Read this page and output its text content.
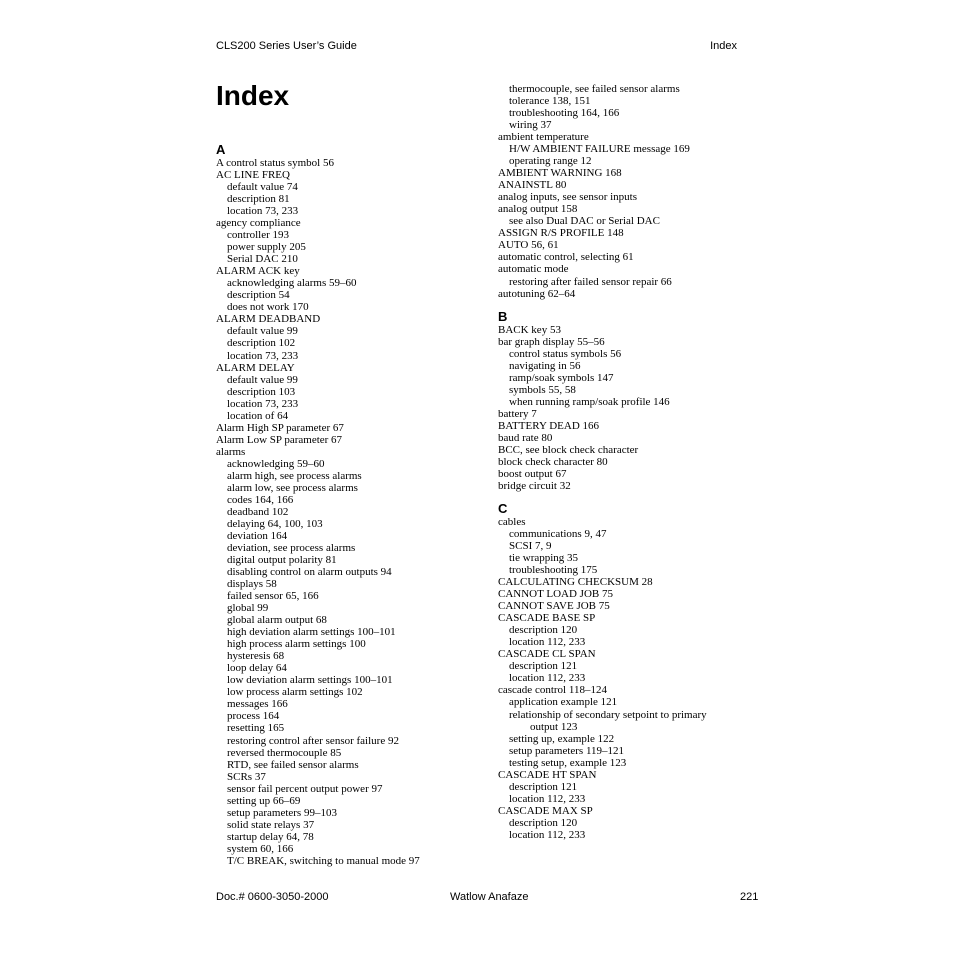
CLS200 Series User’s Guide	Index
Index
A
A control status symbol 56
AC LINE FREQ
default value 74
description 81
location 73, 233
agency compliance
controller 193
power supply 205
Serial DAC 210
ALARM ACK key
acknowledging alarms 59–60
description 54
does not work 170
ALARM DEADBAND
default value 99
description 102
location 73, 233
ALARM DELAY
default value 99
description 103
location 73, 233
location of 64
Alarm High SP parameter 67
Alarm Low SP parameter 67
alarms
acknowledging 59–60
alarm high, see process alarms
alarm low, see process alarms
codes 164, 166
deadband 102
delaying 64, 100, 103
deviation 164
deviation, see process alarms
digital output polarity 81
disabling control on alarm outputs 94
displays 58
failed sensor 65, 166
global 99
global alarm output 68
high deviation alarm settings 100–101
high process alarm settings 100
hysteresis 68
loop delay 64
low deviation alarm settings 100–101
low process alarm settings 102
messages 166
process 164
resetting 165
restoring control after sensor failure 92
reversed thermocouple 85
RTD, see failed sensor alarms
SCRs 37
sensor fail percent output power 97
setting up 66–69
setup parameters 99–103
solid state relays 37
startup delay 64, 78
system 60, 166
T/C BREAK, switching to manual mode 97
thermocouple, see failed sensor alarms
tolerance 138, 151
troubleshooting 164, 166
wiring 37
ambient temperature
H/W AMBIENT FAILURE message 169
operating range 12
AMBIENT WARNING 168
ANAINSTL 80
analog inputs, see sensor inputs
analog output 158
see also Dual DAC or Serial DAC
ASSIGN R/S PROFILE 148
AUTO 56, 61
automatic control, selecting 61
automatic mode
restoring after failed sensor repair 66
autotuning 62–64
B
BACK key 53
bar graph display 55–56
control status symbols 56
navigating in 56
ramp/soak symbols 147
symbols 55, 58
when running ramp/soak profile 146
battery 7
BATTERY DEAD 166
baud rate 80
BCC, see block check character
block check character 80
boost output 67
bridge circuit 32
C
cables
communications 9, 47
SCSI 7, 9
tie wrapping 35
troubleshooting 175
CALCULATING CHECKSUM 28
CANNOT LOAD JOB 75
CANNOT SAVE JOB 75
CASCADE BASE SP
description 120
location 112, 233
CASCADE CL SPAN
description 121
location 112, 233
cascade control 118–124
application example 121
relationship of secondary setpoint to primary
output 123
setting up, example 122
setup parameters 119–121
testing setup, example 123
CASCADE HT SPAN
description 121
location 112, 233
CASCADE MAX SP
description 120
location 112, 233
Doc.# 0600-3050-2000	Watlow Anafaze	221
